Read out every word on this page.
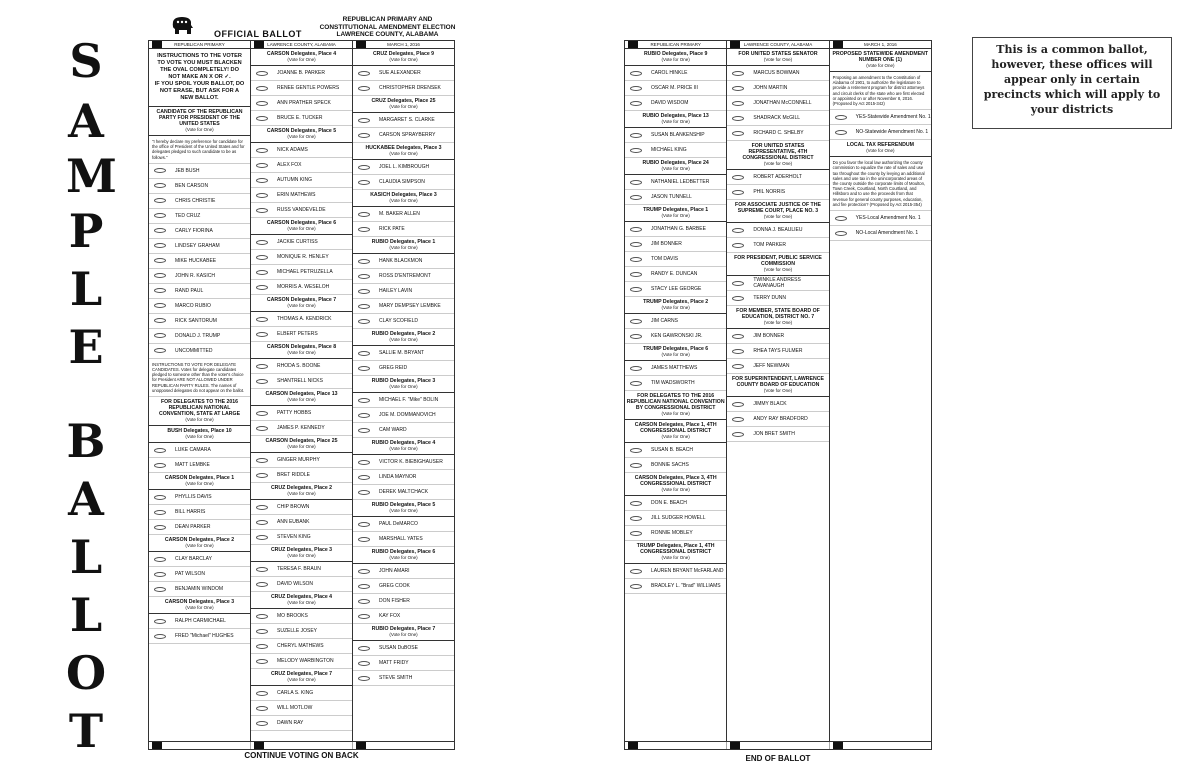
S
A
M
P
L
E
B
A
L
L
O
T
OFFICIAL BALLOT
REPUBLICAN PRIMARY AND
CONSTITUTIONAL AMENDMENT ELECTION
LAWRENCE COUNTY, ALABAMA
REPUBLICAN PRIMARY	LAWRENCE COUNTY, ALABAMA	MARCH 1, 2016
INSTRUCTIONS TO THE VOTER
TO VOTE YOU MUST BLACKEN THE OVAL COMPLETELY! DO NOT MAKE AN X OR ✓.
IF YOU SPOIL YOUR BALLOT, DO NOT ERASE, BUT ASK FOR A NEW BALLOT.
CANDIDATE OF THE REPUBLICAN PARTY FOR PRESIDENT OF THE UNITED STATES
(Vote for One)
"I hereby declare my preference for candidate for the office of President of the United States and for delegates pledged to such candidate to be as follows."
JEB BUSH
BEN CARSON
CHRIS CHRISTIE
TED CRUZ
CARLY FIORINA
LINDSEY GRAHAM
MIKE HUCKABEE
JOHN R. KASICH
RAND PAUL
MARCO RUBIO
RICK SANTORUM
DONALD J. TRUMP
UNCOMMITTED
INSTRUCTIONS TO VOTE FOR DELEGATE CANDIDATES. Votes for delegate candidates pledged to someone other than the voter's choice for President ARE NOT ALLOWED UNDER REPUBLICAN PARTY RULES. The names of unopposed delegates do not appear on the ballot.
FOR DELEGATES TO THE 2016 REPUBLICAN NATIONAL CONVENTION, STATE AT LARGE
(Vote for One)
BUSH Delegates, Place 10
(Vote for One)
LUKE CAMARA
MATT LEMBKE
CARSON Delegates, Place 1
(Vote for One)
PHYLLIS DAVIS
BILL HARRIS
DEAN PARKER
CARSON Delegates, Place 2
(Vote for One)
CLAY BARCLAY
PAT WILSON
BENJAMIN WINDOM
CARSON Delegates, Place 3
(Vote for One)
RALPH CARMICHAEL
FRED "Michael" HUGHES
CARSON Delegates, Place 4
(Vote for One)
JOANNE B. PARKER
RENEE GENTLE POWERS
ANN PRATHER SPECK
BRUCE E. TUCKER
CARSON Delegates, Place 5
(Vote for One)
NICK ADAMS
ALEX FOX
AUTUMN KING
ERIN MATHEWS
RUSS VANDEVELDE
CARSON Delegates, Place 6
(Vote for One)
JACKIE CURTISS
MONIQUE R. HENLEY
MICHAEL PETRUZELLA
MORRIS A. WESELOH
CARSON Delegates, Place 7
(Vote for One)
THOMAS A. KENDRICK
ELBERT PETERS
CARSON Delegates, Place 8
(Vote for One)
RHODA S. BOONE
SHANTRELL NICKS
CARSON Delegates, Place 13
(Vote for One)
PATTY HOBBS
JAMES P. KENNEDY
CARSON Delegates, Place 25
(Vote for One)
GINGER MURPHY
BRET RIDDLE
CRUZ Delegates, Place 2
(Vote for One)
CHIP BROWN
ANN EUBANK
STEVEN KING
CRUZ Delegates, Place 3
(Vote for One)
TERESA F. BRAUN
DAVID WILSON
CRUZ Delegates, Place 4
(Vote for One)
MO BROOKS
SUZELLE JOSEY
CHERYL MATHEWS
MELODY WARBINGTON
CRUZ Delegates, Place 7
(Vote for One)
CARLA S. KING
WILL MOTLOW
DAWN RAY
CRUZ Delegates, Place 9
(Vote for One)
SUE ALEXANDER
CHRISTOPHER DRENSEK
CRUZ Delegates, Place 25
(Vote for One)
MARGARET S. CLARKE
CARSON SPRAYBERRY
HUCKABEE Delegates, Place 3
(Vote for One)
JOEL L. KIMBROUGH
CLAUDIA SIMPSON
KASICH Delegates, Place 3
(Vote for One)
M. BAKER ALLEN
RICK PATE
RUBIO Delegates, Place 1
(Vote for One)
HANK BLACKMON
ROSS D'ENTREMONT
HAILEY LAVIN
MARY DEMPSEY LEMBKE
CLAY SCOFIELD
RUBIO Delegates, Place 2
(Vote for One)
SALLIE M. BRYANT
GREG REID
RUBIO Delegates, Place 3
(Vote for One)
MICHAEL F. "Mike" BOLIN
JOE M. DOMMANOVICH
CAM WARD
RUBIO Delegates, Place 4
(Vote for One)
VICTOR K. BIEBIGHAUSER
LINDA MAYNOR
DEREK MALTCHACK
RUBIO Delegates, Place 5
(Vote for One)
PAUL DeMARCO
MARSHALL YATES
RUBIO Delegates, Place 6
(Vote for One)
JOHN AMARI
GREG COOK
DON FISHER
KAY FOX
RUBIO Delegates, Place 7
(Vote for One)
SUSAN DuBOSE
MATT FRIDY
STEVE SMITH
CONTINUE VOTING ON BACK
REPUBLICAN PRIMARY	LAWRENCE COUNTY, ALABAMA	MARCH 1, 2016
RUBIO Delegates, Place 9
(Vote for One)
CAROL HINKLE
OSCAR M. PRICE III
DAVID WISDOM
RUBIO Delegates, Place 13
(Vote for One)
SUSAN BLANKENSHIP
MICHAEL KING
RUBIO Delegates, Place 24
(Vote for One)
NATHANIEL LEDBETTER
JASON TUNNELL
TRUMP Delegates, Place 1
(Vote for One)
JONATHAN G. BARBEE
JIM BONNER
TOM DAVIS
RANDY E. DUNCAN
STACY LEE GEORGE
TRUMP Delegates, Place 2
(Vote for One)
JIM CARNS
KEN GAWRONSKI JR.
TRUMP Delegates, Place 6
(Vote for One)
JAMES MATTHEWS
TIM WADSWORTH
FOR DELEGATES TO THE 2016 REPUBLICAN NATIONAL CONVENTION BY CONGRESSIONAL DISTRICT
(Vote for One)
CARSON Delegates, Place 1, 4TH CONGRESSIONAL DISTRICT
(Vote for One)
SUSAN B. BEACH
BONNIE SACHS
CARSON Delegates, Place 3, 4TH CONGRESSIONAL DISTRICT
(Vote for One)
DON E. BEACH
JILL SUDGER HOWELL
RONNIE MOBLEY
TRUMP Delegates, Place 1, 4TH CONGRESSIONAL DISTRICT
(Vote for One)
LAUREN BRYANT McFARLAND
BRADLEY L. "Brad" WILLIAMS
FOR UNITED STATES SENATOR
(Vote for One)
MARCUS BOWMAN
JOHN MARTIN
JONATHAN McCONNELL
SHADRACK McGILL
RICHARD C. SHELBY
FOR UNITED STATES REPRESENTATIVE, 4TH CONGRESSIONAL DISTRICT
(Vote for One)
ROBERT ADERHOLT
PHIL NORRIS
FOR ASSOCIATE JUSTICE OF THE SUPREME COURT, PLACE NO. 3
(Vote for One)
DONNA J. BEAULIEU
TOM PARKER
FOR PRESIDENT, PUBLIC SERVICE COMMISSION
(Vote for One)
TWINKLE ANDRESS CAVANAUGH
TERRY DUNN
FOR MEMBER, STATE BOARD OF EDUCATION, DISTRICT NO. 7
(Vote for One)
JIM BONNER
RHEA TAYS FULMER
JEFF NEWMAN
FOR SUPERINTENDENT, LAWRENCE COUNTY BOARD OF EDUCATION
(Vote for One)
JIMMY BLACK
ANDY RAY BRADFORD
JON BRET SMITH
PROPOSED STATEWIDE AMENDMENT NUMBER ONE (1)
(Vote for One)
Proposing an amendment to the Constitution of Alabama of 1901, to authorize the legislature to provide a retirement program for district attorneys and circuit clerks of the state who are first elected or appointed on or after November 8, 2016. (Proposed by Act 2015-342)
YES-Statewide Amendment No. 1
NO-Statewide Amendment No. 1
LOCAL TAX REFERENDUM
(Vote for One)
Do you favor the local law authorizing the county commission to equalize the rate of sales and use tax throughout the county by levying an additional sales and use tax in the unincorporated areas of the county outside the corporate limits of Moulton, Town Creek, Courtland, North Courtland, and Hillsboro and to use the proceeds from that revenue for general county purposes, education, and fire protection? (Proposed by Act 2015-354)
YES-Local Amendment No. 1
NO-Local Amendment No. 1
END OF BALLOT
This is a common ballot, however, these offices will appear only in certain precincts which will apply to your districts
